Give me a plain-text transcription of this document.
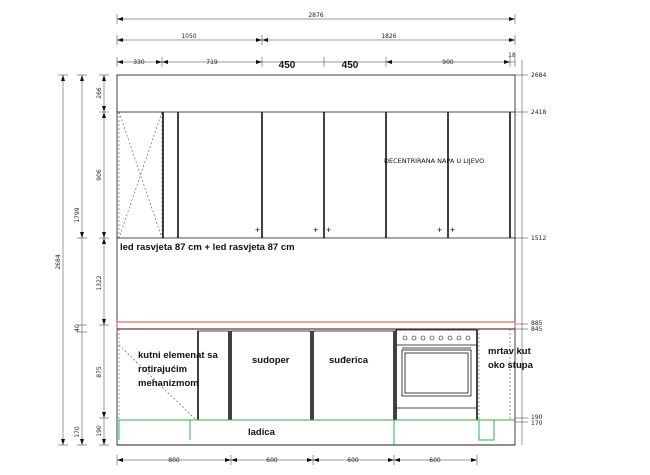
2876
1050	1826
330	719	450	450	900
18
2684
1799
40
170
266
906
1322
875
190
2684
2418
1512
885
845
190
170
+	+ +	+ +
DECENTRIRANA NAPA U LIJEVO
led rasvjeta 87 cm + led rasvjeta 87 cm
kutni elemenat sa
rotirajućim
mehanizmom
sudoper	suđerica
ladica
mrtav kut
oko stupa
800	600	600	600
